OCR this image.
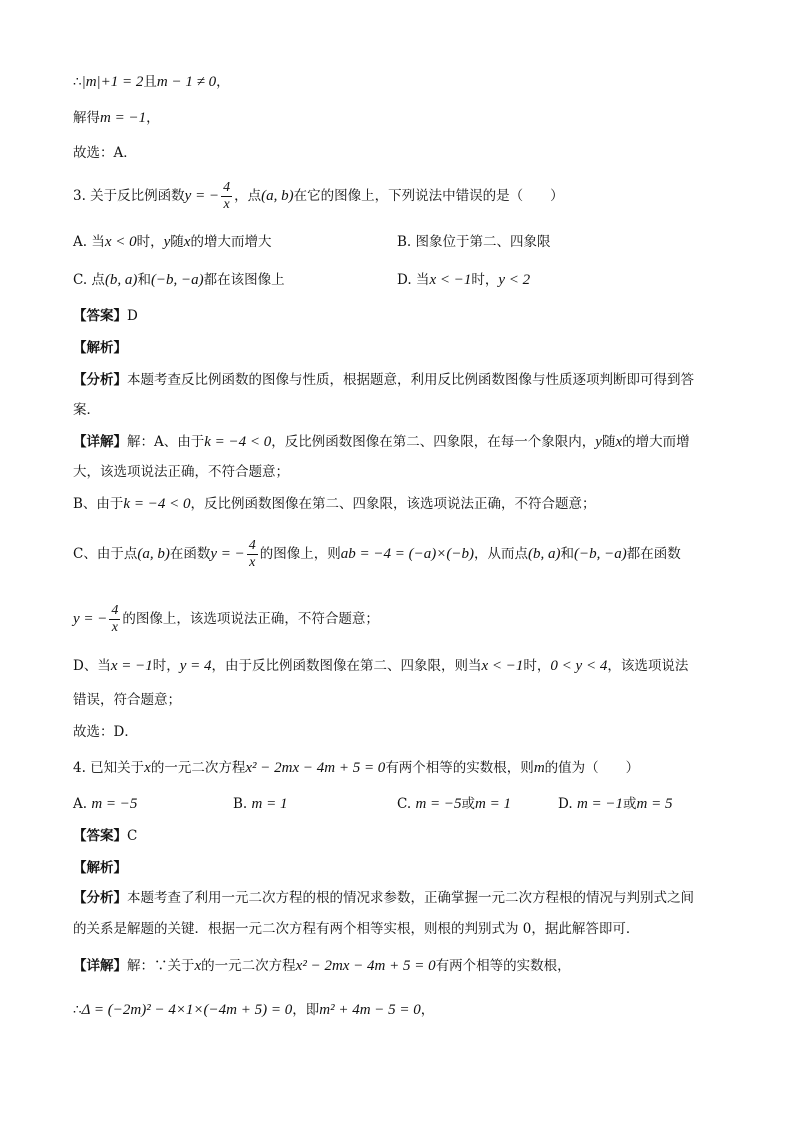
∴|m|+1 = 2且m − 1 ≠ 0，
解得m = −1，
故选：A．
3. 关于反比例函数y = − $\frac{4}{x}$ ，点(a, b)在它的图像上，下列说法中错误的是（　　）
A. 当x < 0时，y随x的增大而增大	B. 图象位于第二、四象限
C. 点(b, a)和(−b, −a)都在该图像上	D. 当x < −1时，y < 2
【答案】D
【解析】
【分析】本题考查反比例函数的图像与性质，根据题意，利用反比例函数图像与性质逐项判断即可得到答
案．
【详解】解：A、由于k = −4 < 0，反比例函数图像在第二、四象限，在每一个象限内，y随x的增大而增
大，该选项说法正确，不符合题意；
B、由于k = −4 < 0，反比例函数图像在第二、四象限，该选项说法正确，不符合题意；
C、由于点(a, b)在函数y = − $\frac{4}{x}$ 的图像上，则ab = −4 = (−a)×(−b)，从而点(b, a)和(−b, −a)都在函数
y = − $\frac{4}{x}$ 的图像上，该选项说法正确，不符合题意；
D、当x = −1时，y = 4，由于反比例函数图像在第二、四象限，则当x < −1时，0 < y < 4，该选项说法
错误，符合题意；
故选：D．
4. 已知关于x的一元二次方程x² − 2mx − 4m + 5 = 0有两个相等的实数根，则m的值为（　　）
A. m = −5	B. m = 1	C. m = −5或m = 1	D. m = −1或m = 5
【答案】C
【解析】
【分析】本题考查了利用一元二次方程的根的情况求参数，正确掌握一元二次方程根的情况与判别式之间
的关系是解题的关键．根据一元二次方程有两个相等实根，则根的判别式为 0，据此解答即可．
【详解】解：∵关于x的一元二次方程x² − 2mx − 4m + 5 = 0有两个相等的实数根，
∴Δ = (−2m)² − 4×1×(−4m + 5) = 0，即m² + 4m − 5 = 0，
